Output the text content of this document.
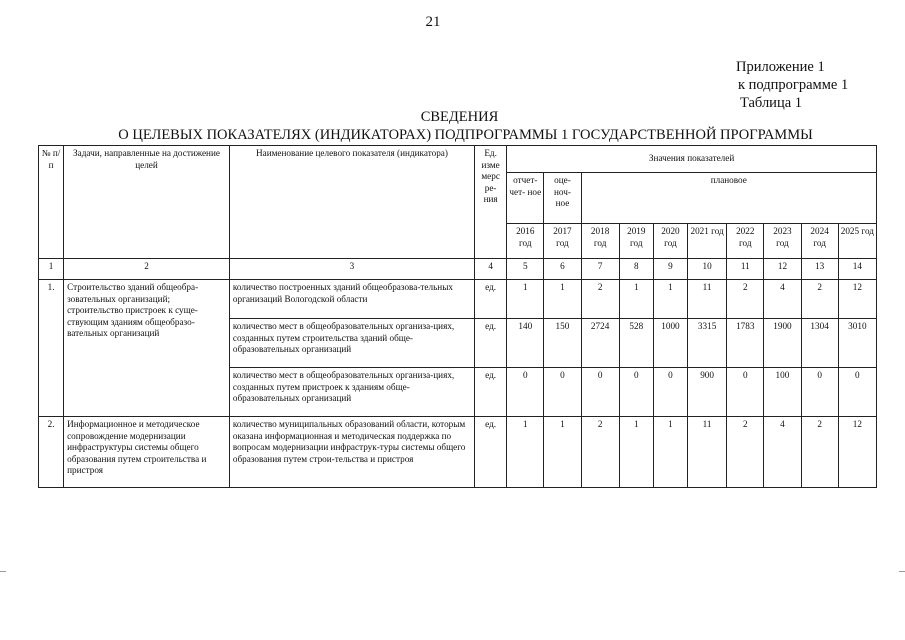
21
Приложение 1
к подпрограмме 1
Таблица 1
СВЕДЕНИЯ
О ЦЕЛЕВЫХ ПОКАЗАТЕЛЯХ (ИНДИКАТОРАХ) ПОДПРОГРАММЫ 1 ГОСУДАРСТВЕННОЙ ПРОГРАММЫ
№ п/п	Задачи, направленные на достижение целей	Наименование целевого показателя (индикатора)	Ед. изме мерс ре- ния	Значения показателей									
				отчет- чет- ное	оце- ноч- ное	плановое							
				2016 год	2017 год	2018 год	2019 год	2020 год	2021 год	2022 год	2023 год	2024 год	2025 год
1	2	3	4	5	6	7	8	9	10	11	12	13	14
1.	Строительство зданий общеобра-зовательных организаций; строительство пристроек к суще-ствующим зданиям общеобразо-вательных организаций	количество построенных зданий общеобразова-тельных организаций Вологодской области	ед.	1	1	2	1	1	11	2	4	2	12
		количество мест в общеобразовательных организа-циях, созданных путем строительства зданий обще-образовательных организаций	ед.	140	150	2724	528	1000	3315	1783	1900	1304	3010
		количество мест в общеобразовательных организа-циях, созданных путем пристроек к зданиям обще-образовательных организаций	ед.	0	0	0	0	0	900	0	100	0	0
2.	Информационное и методическое сопровождение модернизации инфраструктуры системы общего образования путем строительства и пристроя	количество муниципальных образований области, которым оказана информационная и методическая поддержка по вопросам модернизации инфраструк-туры системы общего образования путем строи-тельства и пристроя	ед.	1	1	2	1	1	11	2	4	2	12
